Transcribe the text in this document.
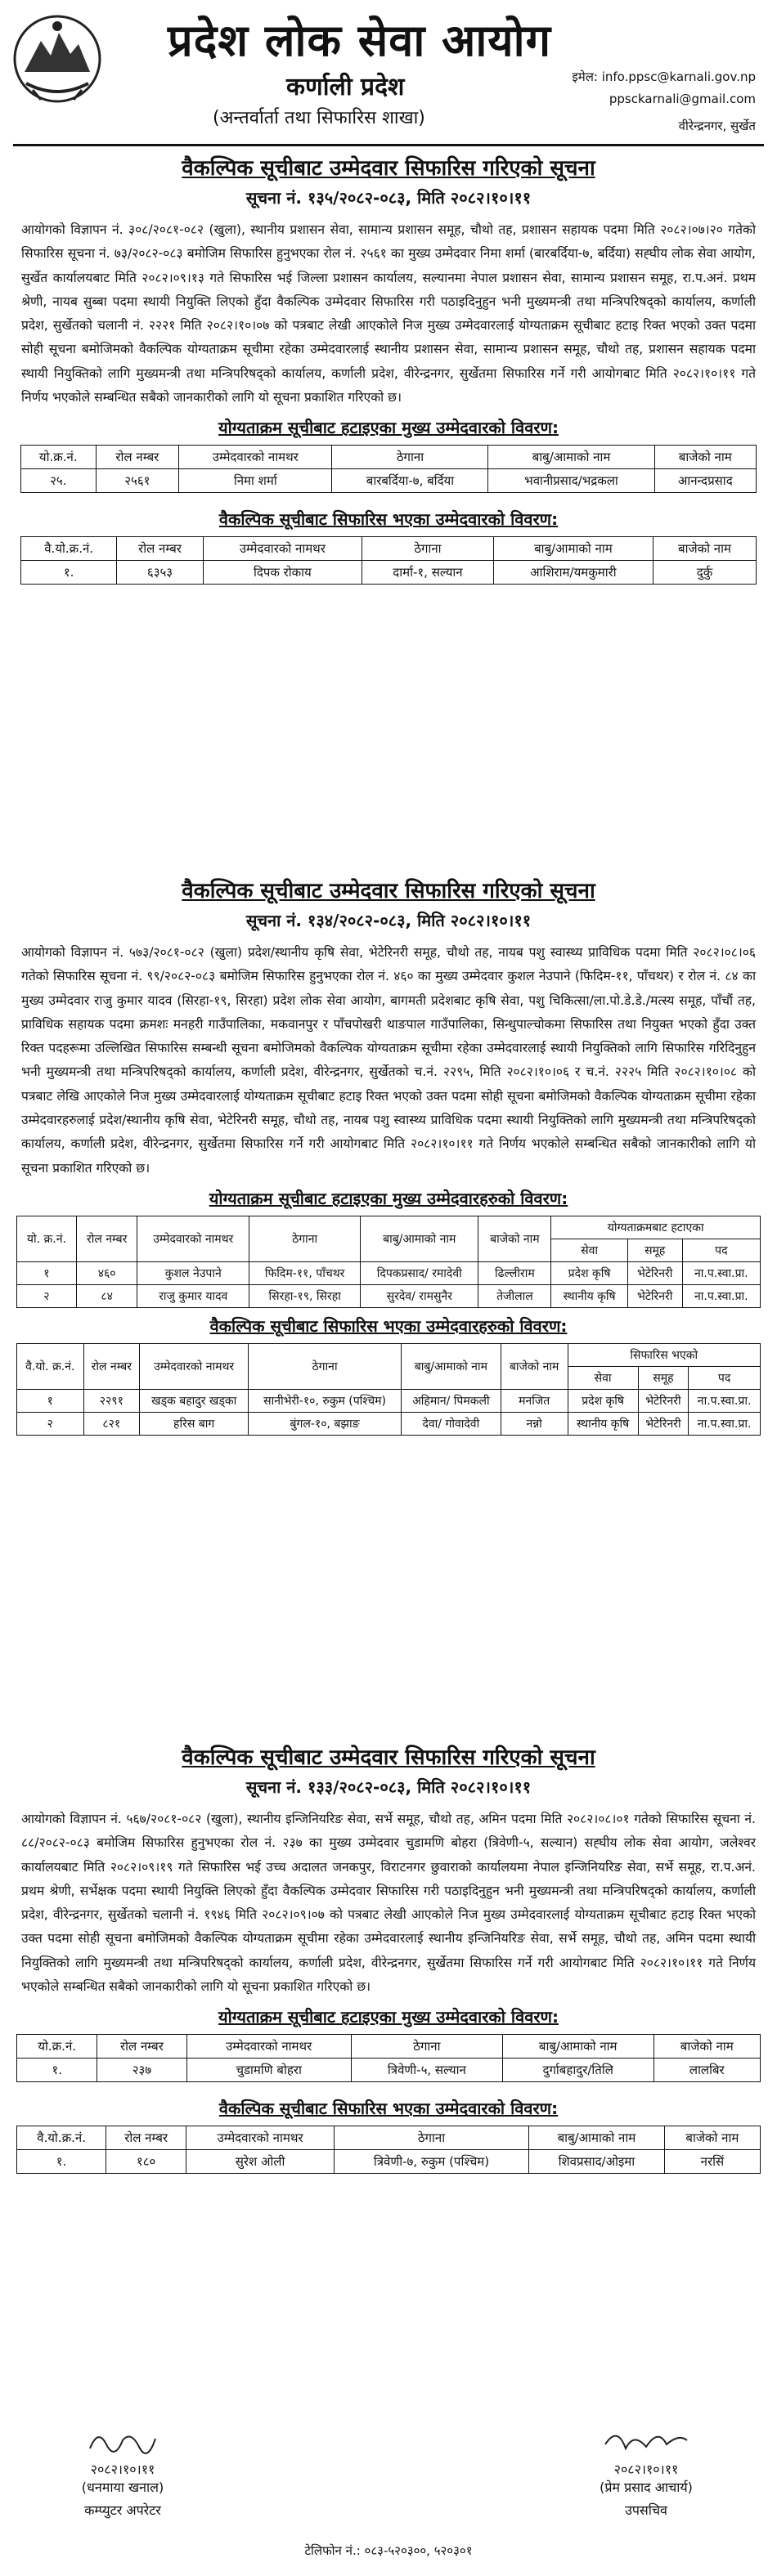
प्रदेश लोक सेवा आयोग
कर्णाली प्रदेश
(अन्तर्वार्ता तथा सिफारिस शाखा)
इमेल: info.ppsc@karnali.gov.np
ppsckarnali@gmail.com
वीरेन्द्रनगर, सुर्खेत
वैकल्पिक सूचीबाट उम्मेदवार सिफारिस गरिएको सूचना
सूचना नं. १३५/२०८२-०८३, मिति २०८२।१०।११
आयोगको विज्ञापन नं. ३०८/२०८१-०८२ (खुला), स्थानीय प्रशासन सेवा, सामान्य प्रशासन समूह, चौथो तह, प्रशासन सहायक पदमा मिति २०८२।०७।२० गतेको सिफारिस सूचना नं. ७३/२०८२-०८३ बमोजिम सिफारिस हुनुभएका रोल नं. २५६१ का मुख्य उम्मेदवार निमा शर्मा (बारबर्दिया-७, बर्दिया) सह्घीय लोक सेवा आयोग, सुर्खेत कार्यालयबाट मिति २०८२।०९।१३ गते सिफारिस भई जिल्ला प्रशासन कार्यालय, सल्यानमा नेपाल प्रशासन सेवा, सामान्य प्रशासन समूह, रा.प.अनं. प्रथम श्रेणी, नायब सुब्बा पदमा स्थायी नियुक्ति लिएको हुँदा वैकल्पिक उम्मेदवार सिफारिस गरी पठाइदिनुहुन भनी मुख्यमन्त्री तथा मन्त्रिपरिषद्को कार्यालय, कर्णाली प्रदेश, सुर्खेतको चलानी नं. २२२१ मिति २०८२।१०।०७ को पत्रबाट लेखी आएकोले निज मुख्य उम्मेदवारलाई योग्यताक्रम सूचीबाट हटाइ रिक्त भएको उक्त पदमा सोही सूचना बमोजिमको वैकल्पिक योग्यताक्रम सूचीमा रहेका उम्मेदवारलाई स्थानीय प्रशासन सेवा, सामान्य प्रशासन समूह, चौथो तह, प्रशासन सहायक पदमा स्थायी नियुक्तिको लागि मुख्यमन्त्री तथा मन्त्रिपरिषद्को कार्यालय, कर्णाली प्रदेश, वीरेन्द्रनगर, सुर्खेतमा सिफारिस गर्ने गरी आयोगबाट मिति २०८२।१०।११ गते निर्णय भएकोले सम्बन्धित सबैको जानकारीको लागि यो सूचना प्रकाशित गरिएको छ।
योग्यताक्रम सूचीबाट हटाइएका मुख्य उम्मेदवारको विवरण:
यो.क्र.नं.	रोल नम्बर	उम्मेदवारको नामथर	ठेगाना	बाबु/आमाको नाम	बाजेको नाम
२५.	२५६१	निमा शर्मा	बारबर्दिया-७, बर्दिया	भवानीप्रसाद/भद्रकला	आनन्दप्रसाद
वैकल्पिक सूचीबाट सिफारिस भएका उम्मेदवारको विवरण:
वै.यो.क्र.नं.	रोल नम्बर	उम्मेदवारको नामथर	ठेगाना	बाबु/आमाको नाम	बाजेको नाम
१.	६३५३	दिपक रोकाय	दार्मा-१, सल्यान	आशिराम/यमकुमारी	दुर्कु
वैकल्पिक सूचीबाट उम्मेदवार सिफारिस गरिएको सूचना
सूचना नं. १३४/२०८२-०८३, मिति २०८२।१०।११
आयोगको विज्ञापन नं. ५७३/२०८१-०८२ (खुला) प्रदेश/स्थानीय कृषि सेवा, भेटेरिनरी समूह, चौथो तह, नायब पशु स्वास्थ्य प्राविधिक पदमा मिति २०८२।०८।०६ गतेको सिफारिस सूचना नं. ९९/२०८२-०८३ बमोजिम सिफारिस हुनुभएका रोल नं. ४६० का मुख्य उम्मेदवार कुशल नेउपाने (फिदिम-११, पाँचथर) र रोल नं. ८४ का मुख्य उम्मेदवार राजु कुमार यादव (सिरहा-१९, सिरहा) प्रदेश लोक सेवा आयोग, बागमती प्रदेशबाट कृषि सेवा, पशु चिकित्सा/ला.पो.डे.डे./मत्स्य समूह, पाँचौं तह, प्राविधिक सहायक पदमा क्रमशः मनहरी गाउँपालिका, मकवानपुर र पाँचपोखरी थाङपाल गाउँपालिका, सिन्धुपाल्चोकमा सिफारिस तथा नियुक्त भएको हुँदा उक्त रिक्त पदहरूमा उल्लिखित सिफारिस सम्बन्धी सूचना बमोजिमको वैकल्पिक योग्यताक्रम सूचीमा रहेका उम्मेदवारलाई स्थायी नियुक्तिको लागि सिफारिस गरिदिनुहुन भनी मुख्यमन्त्री तथा मन्त्रिपरिषद्को कार्यालय, कर्णाली प्रदेश, वीरेन्द्रनगर, सुर्खेतको च.नं. २२९५, मिति २०८२।१०।०६ र च.नं. २२२५ मिति २०८२।१०।०८ को पत्रबाट लेखि आएकोले निज मुख्य उम्मेदवारलाई योग्यताक्रम सूचीबाट हटाइ रिक्त भएको उक्त पदमा सोही सूचना बमोजिमको वैकल्पिक योग्यताक्रम सूचीमा रहेका उम्मेदवारहरुलाई प्रदेश/स्थानीय कृषि सेवा, भेटेरिनरी समूह, चौथो तह, नायब पशु स्वास्थ्य प्राविधिक पदमा स्थायी नियुक्तिको लागि मुख्यमन्त्री तथा मन्त्रिपरिषद्को कार्यालय, कर्णाली प्रदेश, वीरेन्द्रनगर, सुर्खेतमा सिफारिस गर्ने गरी आयोगबाट मिति २०८२।१०।११ गते निर्णय भएकोले सम्बन्धित सबैको जानकारीको लागि यो सूचना प्रकाशित गरिएको छ।
योग्यताक्रम सूचीबाट हटाइएका मुख्य उम्मेदवारहरुको विवरण:
यो. क्र.नं.	रोल नम्बर	उम्मेदवारको नामथर	ठेगाना	बाबु/आमाको नाम	बाजेको नाम	योग्यताक्रमबाट हटाएका		
						सेवा	समूह	पद
१	४६०	कुशल नेउपाने	फिदिम-११, पाँचथर	दिपकप्रसाद/ रमादेवी	ढिल्लीराम	प्रदेश कृषि	भेटेरिनरी	ना.प.स्वा.प्रा.
२	८४	राजु कुमार यादव	सिरहा-१९, सिरहा	सुरदेव/ रामसुनैर	तेजीलाल	स्थानीय कृषि	भेटेरिनरी	ना.प.स्वा.प्रा.
वैकल्पिक सूचीबाट सिफारिस भएका उम्मेदवारहरुको विवरण:
वै.यो. क्र.नं.	रोल नम्बर	उम्मेदवारको नामथर	ठेगाना	बाबु/आमाको नाम	बाजेको नाम	सिफारिस भएको		
						सेवा	समूह	पद
१	२२९१	खड्क बहादुर खड्का	सानीभेरी-१०, रुकुम (पश्चिम)	अहिमान/ पिमकली	मनजित	प्रदेश कृषि	भेटेरिनरी	ना.प.स्वा.प्रा.
२	८२१	हरिस बाग	बुंगल-१०, बझाङ	देवा/ गोवादेवी	नन्नो	स्थानीय कृषि	भेटेरिनरी	ना.प.स्वा.प्रा.
वैकल्पिक सूचीबाट उम्मेदवार सिफारिस गरिएको सूचना
सूचना नं. १३३/२०८२-०८३, मिति २०८२।१०।११
आयोगको विज्ञापन नं. ५६७/२०८१-०८२ (खुला), स्थानीय इन्जिनियरिङ सेवा, सर्भे समूह, चौथो तह, अमिन पदमा मिति २०८२।०८।०१ गतेको सिफारिस सूचना नं. ८८/२०८२-०८३ बमोजिम सिफारिस हुनुभएका रोल नं. २३७ का मुख्य उम्मेदवार चुडामणि बोहरा (त्रिवेणी-५, सल्यान) सह्घीय लोक सेवा आयोग, जलेश्वर कार्यालयबाट मिति २०८२।०९।१९ गते सिफारिस भई उच्च अदालत जनकपुर, विराटनगर छुवाराको कार्यालयमा नेपाल इन्जिनियरिङ सेवा, सर्भे समूह, रा.प.अनं. प्रथम श्रेणी, सर्भेक्षक पदमा स्थायी नियुक्ति लिएको हुँदा वैकल्पिक उम्मेदवार सिफारिस गरी पठाइदिनुहुन भनी मुख्यमन्त्री तथा मन्त्रिपरिषद्को कार्यालय, कर्णाली प्रदेश, वीरेन्द्रनगर, सुर्खेतको चलानी नं. १९४६ मिति २०८२।०९।०७ को पत्रबाट लेखी आएकोले निज मुख्य उम्मेदवारलाई योग्यताक्रम सूचीबाट हटाइ रिक्त भएको उक्त पदमा सोही सूचना बमोजिमको वैकल्पिक योग्यताक्रम सूचीमा रहेका उम्मेदवारलाई स्थानीय इन्जिनियरिङ सेवा, सर्भे समूह, चौथो तह, अमिन पदमा स्थायी नियुक्तिको लागि मुख्यमन्त्री तथा मन्त्रिपरिषद्को कार्यालय, कर्णाली प्रदेश, वीरेन्द्रनगर, सुर्खेतमा सिफारिस गर्ने गरी आयोगबाट मिति २०८२।१०।११ गते निर्णय भएकोले सम्बन्धित सबैको जानकारीको लागि यो सूचना प्रकाशित गरिएको छ।
योग्यताक्रम सूचीबाट हटाइएका मुख्य उम्मेदवारको विवरण:
यो.क्र.नं.	रोल नम्बर	उम्मेदवारको नामथर	ठेगाना	बाबु/आमाको नाम	बाजेको नाम
१.	२३७	चुडामणि बोहरा	त्रिवेणी-५, सल्यान	दुर्गाबहादुर/तिलि	लालबिर
वैकल्पिक सूचीबाट सिफारिस भएका उम्मेदवारको विवरण:
वै.यो.क्र.नं.	रोल नम्बर	उम्मेदवारको नामथर	ठेगाना	बाबु/आमाको नाम	बाजेको नाम
१.	१८०	सुरेश ओली	त्रिवेणी-७, रुकुम (पश्चिम)	शिवप्रसाद/ओइमा	नरसिं
२०८२।१०।११
(धनमाया खनाल)
कम्प्युटर अपरेटर
२०८२।१०।११
(प्रेम प्रसाद आचार्य)
उपसचिव
टेलिफोन नं.: ०८३-५२०३००, ५२०३०१
